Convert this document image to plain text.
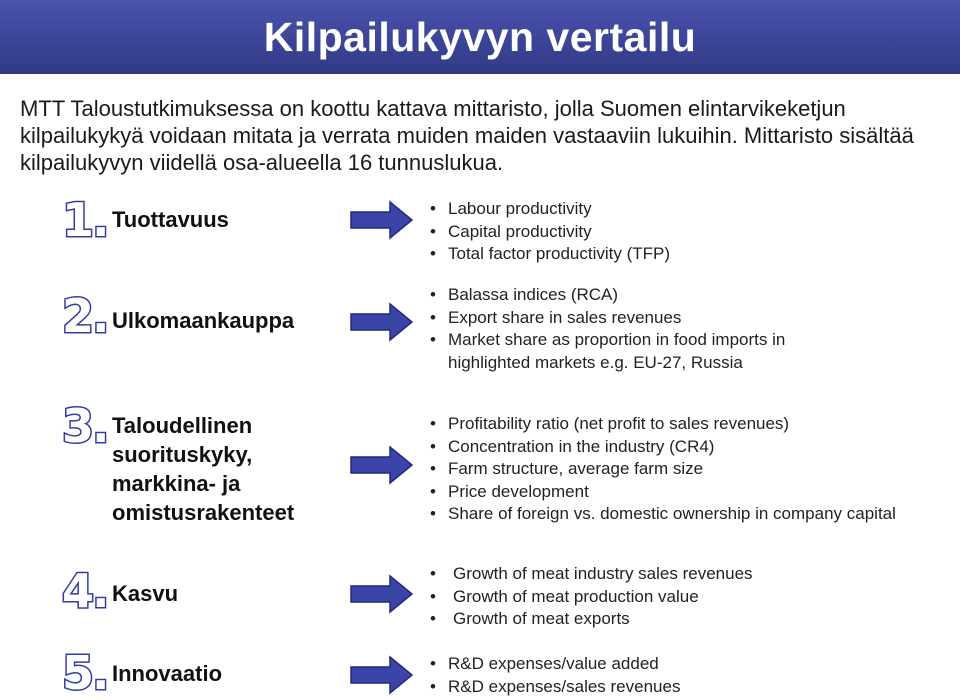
Kilpailukyvyn vertailu
MTT Taloustutkimuksessa on koottu kattava mittaristo, jolla Suomen elintarvikeketjun kilpailukykyä voidaan mitata ja verrata muiden maiden vastaaviin lukuihin. Mittaristo sisältää kilpailukyvyn viidellä osa-alueella 16 tunnuslukua.
1. Tuottavuus	• Labour productivity
• Capital productivity
• Total factor productivity (TFP)
2. Ulkomaankauppa
• Balassa indices (RCA)
• Export share in sales revenues
• Market share as proportion in food imports in highlighted markets e.g. EU-27, Russia
3. Taloudellinen suorituskyky, markkina- ja omistusrakenteet
• Profitability ratio (net profit to sales revenues)
• Concentration in the industry (CR4)
• Farm structure, average farm size
• Price development
• Share of foreign vs. domestic ownership in company capital
4. Kasvu
• Growth of meat industry sales revenues
• Growth of meat production value
• Growth of meat exports
5. Innovaatio	• R&D expenses/value added
• R&D expenses/sales revenues
